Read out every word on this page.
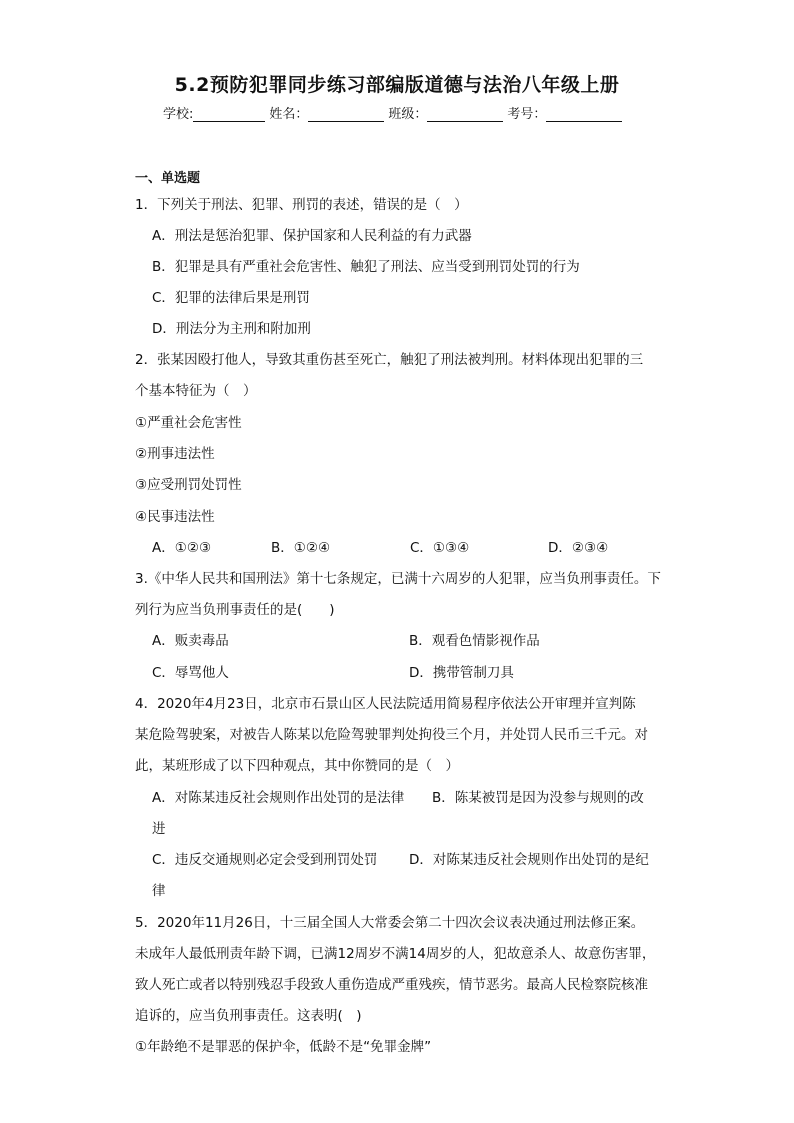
5.2预防犯罪同步练习部编版道德与法治八年级上册
学校:	姓名：	班级：	考号：
一、单选题
1．下列关于刑法、犯罪、刑罚的表述，错误的是（　）
A．刑法是惩治犯罪、保护国家和人民利益的有力武器
B．犯罪是具有严重社会危害性、触犯了刑法、应当受到刑罚处罚的行为
C．犯罪的法律后果是刑罚
D．刑法分为主刑和附加刑
2．张某因殴打他人，导致其重伤甚至死亡，触犯了刑法被判刑。材料体现出犯罪的三
个基本特征为（　）
①严重社会危害性
②刑事违法性
③应受刑罚处罚性
④民事违法性
A．①②③	B．①②④	C．①③④	D．②③④
3.《中华人民共和国刑法》第十七条规定，已满十六周岁的人犯罪，应当负刑事责任。下
列行为应当负刑事责任的是(　　)
A．贩卖毒品	B．观看色情影视作品
C．辱骂他人	D．携带管制刀具
4．2020年4月23日，北京市石景山区人民法院适用简易程序依法公开审理并宣判陈
某危险驾驶案，对被告人陈某以危险驾驶罪判处拘役三个月，并处罚人民币三千元。对
此，某班形成了以下四种观点，其中你赞同的是（　）
A．对陈某违反社会规则作出处罚的是法律 B．陈某被罚是因为没参与规则的改
进
C．违反交通规则必定会受到刑罚处罚 D．对陈某违反社会规则作出处罚的是纪
律
5．2020年11月26日，十三届全国人大常委会第二十四次会议表决通过刑法修正案。
未成年人最低刑责年龄下调，已满12周岁不满14周岁的人，犯故意杀人、故意伤害罪，
致人死亡或者以特别残忍手段致人重伤造成严重残疾，情节恶劣。最高人民检察院核准
追诉的，应当负刑事责任。这表明(　)
①年龄绝不是罪恶的保护伞，低龄不是“免罪金牌”
